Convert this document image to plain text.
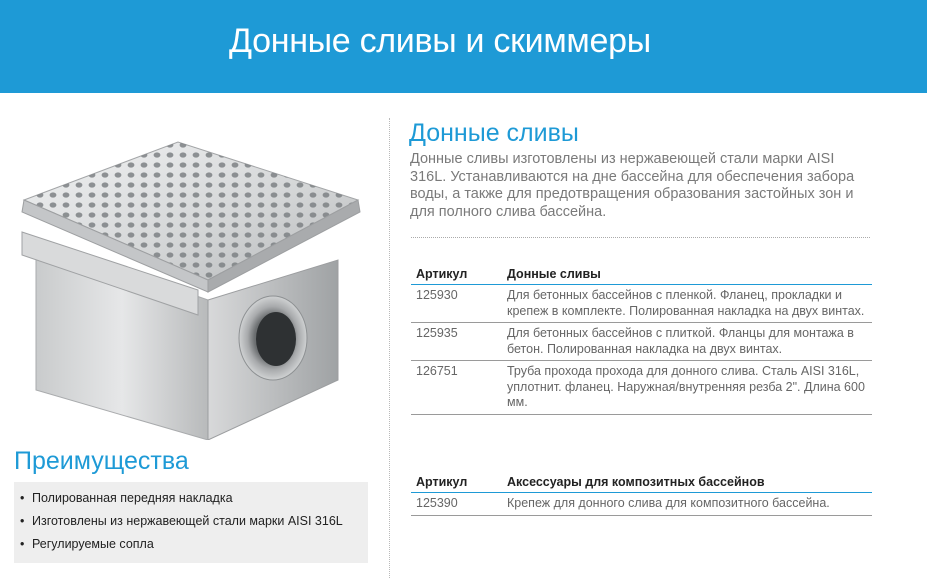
Донные сливы и скиммеры
Преимущества
• Полированная передняя накладка
• Изготовлены из нержавеющей стали марки AISI 316L
• Регулируемые сопла
Донные сливы
Донные сливы изготовлены из нержавеющей стали марки AISI 316L. Устанавливаются на дне бассейна для обеспечения забора воды, а также для предотвращения образования застойных зон и для полного слива бассейна.
Артикул	Донные сливы
125930	Для бетонных бассейнов с пленкой. Фланец, прокладки и крепеж в комплекте. Полированная накладка на двух винтах.
125935	Для бетонных бассейнов с плиткой. Фланцы для монтажа в бетон. Полированная накладка на двух винтах.
126751	Труба прохода прохода для донного слива. Сталь AISI 316L, уплотнит. фланец. Наружная/внутренняя резба 2". Длина 600 мм.
Артикул	Аксессуары для композитных бассейнов
125390	Крепеж для донного слива для композитного бассейна.
